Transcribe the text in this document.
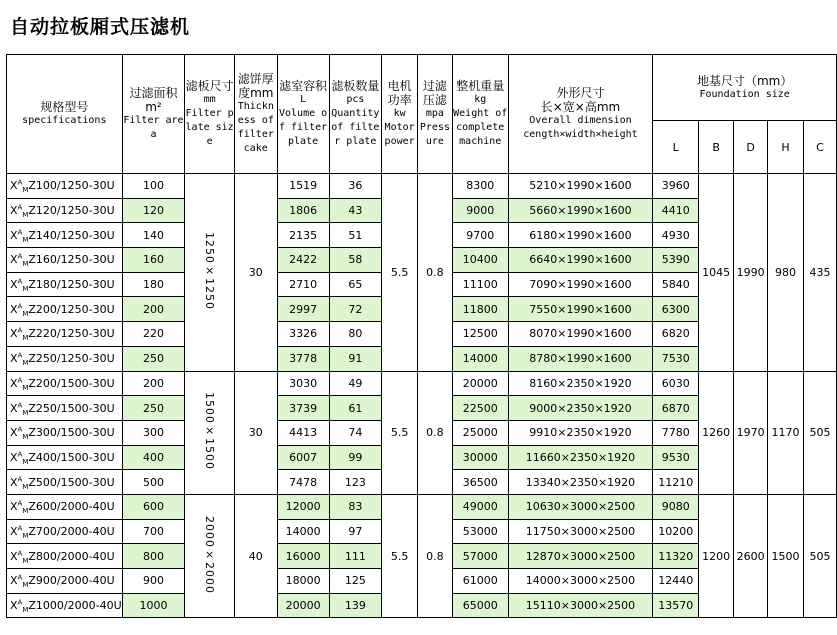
自动拉板厢式压滤机
规格型号
specifications	过滤面积
m²
Filter area	滤板尺寸
mm
Filter plate size	滤饼厚度mm
Thickness of filter cake	滤室容积
L
Volume of filter plate	滤板数量
pcs
Quantity of filter plate	电机功率
kw
Motor power	过滤压滤
mpa
Pressure	整机重量
kg
Weight of complete machine	外形尺寸
长×宽×高mm
Overall dimension
cength×width×height	地基尺寸（mm）
Foundation size				

										L	B	D	H	C
$X^A_MZ100/1250-30U$	100	1250×1250	30	1519	36	5.5	0.8	8300	5210×1990×1600	3960	1045	1990	980	435
$X^A_MZ120/1250-30U$	120			1806	43			9000	5660×1990×1600	4410				
$X^A_MZ140/1250-30U$	140			2135	51			9700	6180×1990×1600	4930				
$X^A_MZ160/1250-30U$	160			2422	58			10400	6640×1990×1600	5390				
$X^A_MZ180/1250-30U$	180			2710	65			11100	7090×1990×1600	5840				
$X^A_MZ200/1250-30U$	200			2997	72			11800	7550×1990×1600	6300				
$X^A_MZ220/1250-30U$	220			3326	80			12500	8070×1990×1600	6820				
$X^A_MZ250/1250-30U$	250			3778	91			14000	8780×1990×1600	7530				
$X^A_MZ200/1500-30U$	200	1500×1500	30	3030	49	5.5	0.8	20000	8160×2350×1920	6030	1260	1970	1170	505
$X^A_MZ250/1500-30U$	250			3739	61			22500	9000×2350×1920	6870				
$X^A_MZ300/1500-30U$	300			4413	74			25000	9910×2350×1920	7780				
$X^A_MZ400/1500-30U$	400			6007	99			30000	11660×2350×1920	9530				
$X^A_MZ500/1500-30U$	500			7478	123			36500	13340×2350×1920	11210				
$X^A_MZ600/2000-40U$	600	2000×2000	40	12000	83	5.5	0.8	49000	10630×3000×2500	9080	1200	2600	1500	505
$X^A_MZ700/2000-40U$	700			14000	97			53000	11750×3000×2500	10200				
$X^A_MZ800/2000-40U$	800			16000	111			57000	12870×3000×2500	11320				
$X^A_MZ900/2000-40U$	900			18000	125			61000	14000×3000×2500	12440				
$X^A_MZ1000/2000-40U$	1000			20000	139			65000	15110×3000×2500	13570				
